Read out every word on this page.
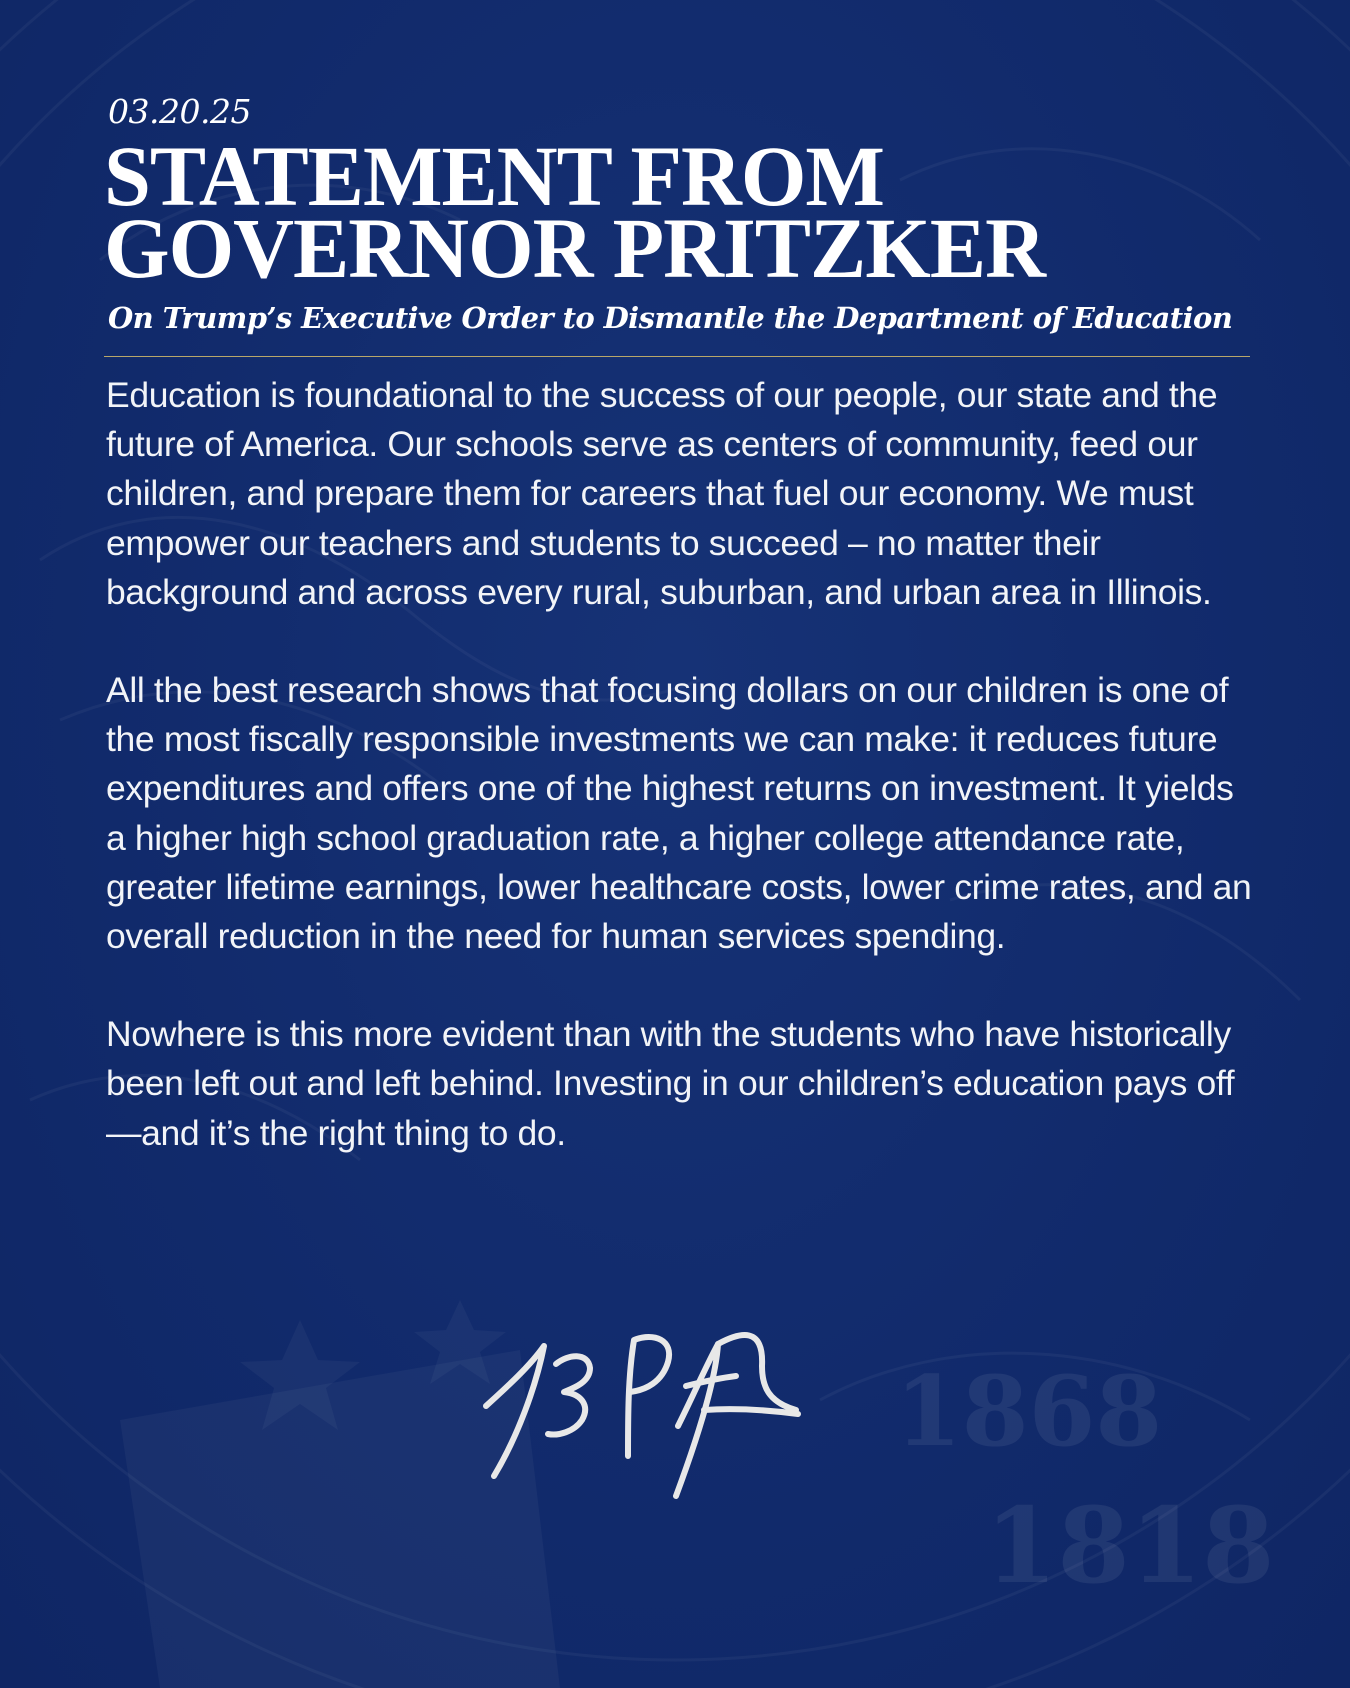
1868
1818
03.20.25
STATEMENT FROM
GOVERNOR PRITZKER
On Trump’s Executive Order to Dismantle the Department of Education

Education is foundational to the success of our people, our state and the future of America. Our schools serve as centers of community, feed our children, and prepare them for careers that fuel our economy. We must empower our teachers and students to succeed – no matter their background and across every rural, suburban, and urban area in Illinois.

All the best research shows that focusing dollars on our children is one of the most fiscally responsible investments we can make: it reduces future expenditures and offers one of the highest returns on investment. It yields a higher high school graduation rate, a higher college attendance rate, greater lifetime earnings, lower healthcare costs, lower crime rates, and an overall reduction in the need for human services spending.

Nowhere is this more evident than with the students who have historically been left out and left behind. Investing in our children’s education pays off—and it’s the right thing to do.
